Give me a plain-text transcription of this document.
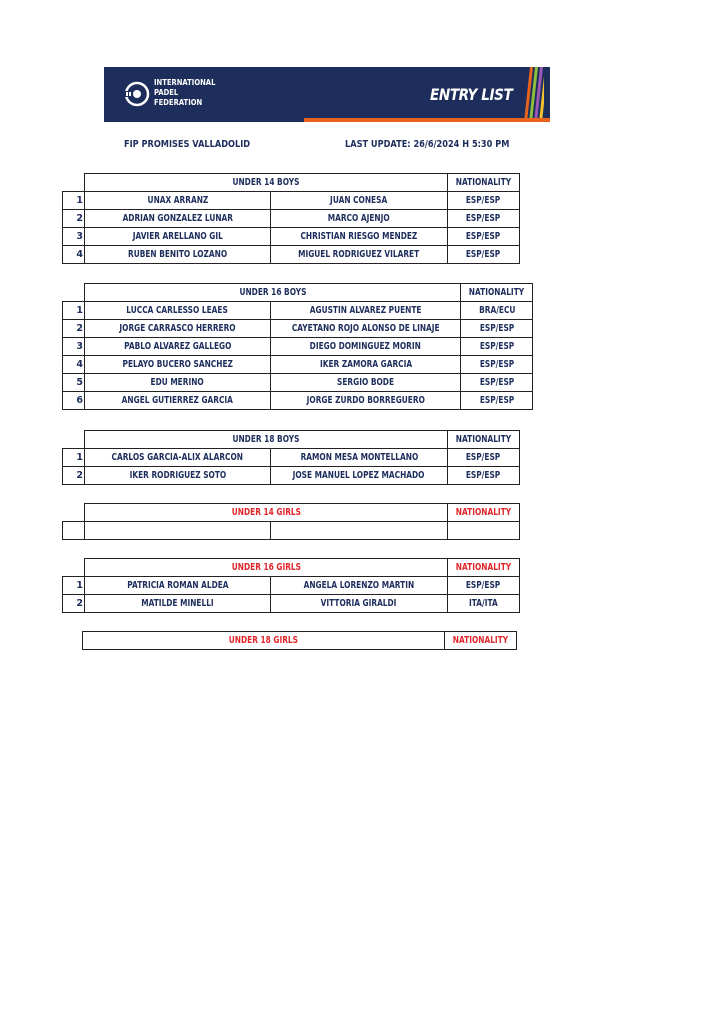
INTERNATIONAL
PADEL
FEDERATION	ENTRY LIST
FIP PROMISES VALLADOLID	LAST UPDATE: 26/6/2024 H 5:30 PM
	UNDER 14 BOYS		NATIONALITY
1	UNAX ARRANZ	JUAN CONESA	ESP/ESP
2	ADRIAN GONZALEZ LUNAR	MARCO AJENJO	ESP/ESP
3	JAVIER ARELLANO GIL	CHRISTIAN RIESGO MENDEZ	ESP/ESP
4	RUBEN BENITO LOZANO	MIGUEL RODRIGUEZ VILARET	ESP/ESP
	UNDER 16 BOYS		NATIONALITY
1	LUCCA CARLESSO LEAES	AGUSTIN ALVAREZ PUENTE	BRA/ECU
2	JORGE CARRASCO HERRERO	CAYETANO ROJO ALONSO DE LINAJE	ESP/ESP
3	PABLO ALVAREZ GALLEGO	DIEGO DOMINGUEZ MORIN	ESP/ESP
4	PELAYO BUCERO SANCHEZ	IKER ZAMORA GARCIA	ESP/ESP
5	EDU MERINO	SERGIO BODE	ESP/ESP
6	ANGEL GUTIERREZ GARCIA	JORGE ZURDO BORREGUERO	ESP/ESP
	UNDER 18 BOYS		NATIONALITY
1	CARLOS GARCIA-ALIX ALARCON	RAMON MESA MONTELLANO	ESP/ESP
2	IKER RODRIGUEZ SOTO	JOSE MANUEL LOPEZ MACHADO	ESP/ESP
	UNDER 14 GIRLS		NATIONALITY

	UNDER 16 GIRLS		NATIONALITY
1	PATRICIA ROMAN ALDEA	ANGELA LORENZO MARTIN	ESP/ESP
2	MATILDE MINELLI	VITTORIA GIRALDI	ITA/ITA
	UNDER 18 GIRLS	NATIONALITY
